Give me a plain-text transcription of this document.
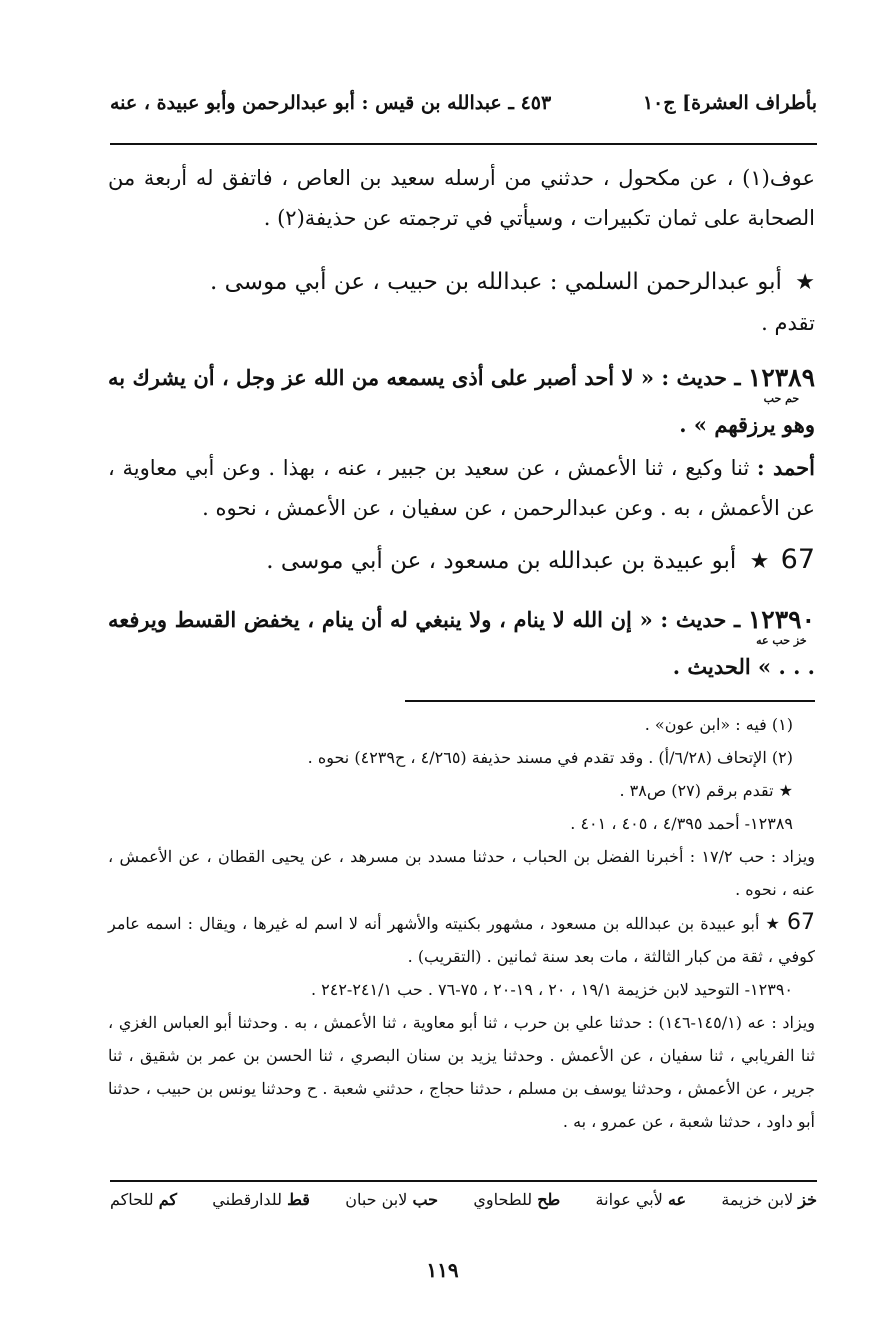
بأطراف العشرة] ج١٠
٤٥٣ ـ عبدالله بن قيس : أبو عبدالرحمن وأبو عبيدة ، عنه
عوف(١) ، عن مكحول ، حدثني من أرسله سعيد بن العاص ، فاتفق له أربعة من الصحابة على ثمان تكبيرات ، وسيأتي في ترجمته عن حذيفة(٢) .
★ أبو عبدالرحمن السلمي : عبدالله بن حبيب ، عن أبي موسى .
تقدم .
١٢٣٨٩
حم حب
ـ حديث : « لا أحد أصبر على أذى يسمعه من الله عز وجل ، أن يشرك به وهو يرزقهم » .
أحمد : ثنا وكيع ، ثنا الأعمش ، عن سعيد بن جبير ، عنه ، بهذا . وعن أبي معاوية ، عن الأعمش ، به . وعن عبدالرحمن ، عن سفيان ، عن الأعمش ، نحوه .
67 ★ أبو عبيدة بن عبدالله بن مسعود ، عن أبي موسى .
١٢٣٩٠
خز حب عه
ـ حديث : « إن الله لا ينام ، ولا ينبغي له أن ينام ، يخفض القسط ويرفعه . . . » الحديث .

(١) فيه : «ابن عون» .

(٢) الإتحاف (٦/٢٨/أ) . وقد تقدم في مسند حذيفة (٤/٢٦٥ ، ح٤٢٣٩) نحوه .

★ تقدم برقم (٢٧) ص٣٨ .

١٢٣٨٩- أحمد ٤/٣٩٥ ، ٤٠٥ ، ٤٠١ .

ويزاد : حب ١٧/٢ : أخبرنا الفضل بن الحباب ، حدثنا مسدد بن مسرهد ، عن يحيى القطان ، عن الأعمش ، عنه ، نحوه .

67 ★ أبو عبيدة بن عبدالله بن مسعود ، مشهور بكنيته والأشهر أنه لا اسم له غيرها ، ويقال : اسمه عامر كوفي ، ثقة من كبار الثالثة ، مات بعد سنة ثمانين . (التقريب) .

١٢٣٩٠- التوحيد لابن خزيمة ١٩/١ ، ٢٠ ، ١٩-٢٠ ، ٧٥-٧٦ . حب ٢٤١/١-٢٤٢ .

ويزاد : عه (١٤٥/١-١٤٦) : حدثنا علي بن حرب ، ثنا أبو معاوية ، ثنا الأعمش ، به . وحدثنا أبو العباس الغزي ، ثنا الفريابي ، ثنا سفيان ، عن الأعمش . وحدثنا يزيد بن سنان البصري ، ثنا الحسن بن عمر بن شقيق ، ثنا جرير ، عن الأعمش ، وحدثنا يوسف بن مسلم ، حدثنا حجاج ، حدثني شعبة . ح وحدثنا يونس بن حبيب ، حدثنا أبو داود ، حدثنا شعبة ، عن عمرو ، به .

خز لابن خزيمة
عه لأبي عوانة
طح للطحاوي
حب لابن حبان
قط للدارقطني
كم للحاكم
١١٩
